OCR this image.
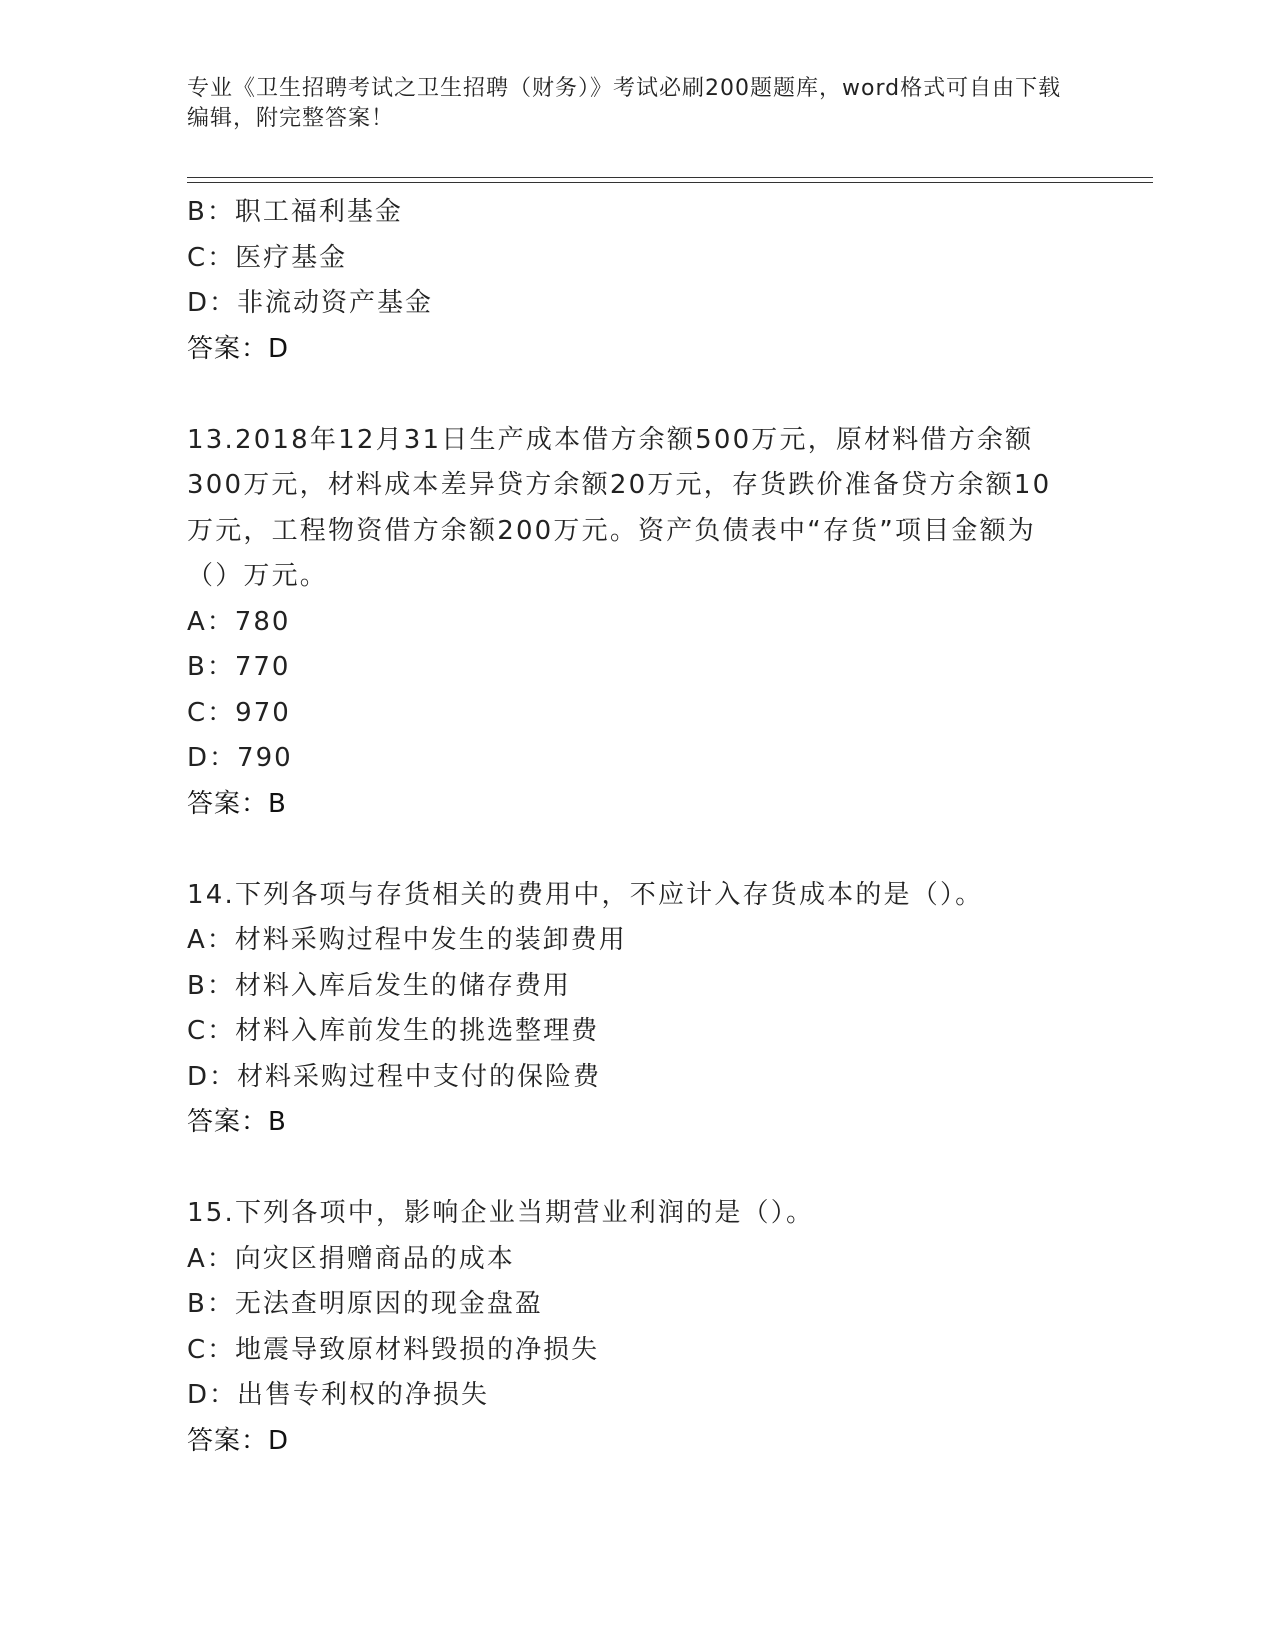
专业《卫生招聘考试之卫生招聘（财务）》考试必刷200题题库，word格式可自由下载编辑，附完整答案！
B：职工福利基金
C：医疗基金
D：非流动资产基金
答案：D
13.2018年12月31日生产成本借方余额500万元，原材料借方余额300万元，材料成本差异贷方余额20万元，存货跌价准备贷方余额10万元，工程物资借方余额200万元。资产负债表中“存货”项目金额为（）万元。
A：780
B：770
C：970
D：790
答案：B
14.下列各项与存货相关的费用中，不应计入存货成本的是（）。
A：材料采购过程中发生的装卸费用
B：材料入库后发生的储存费用
C：材料入库前发生的挑选整理费
D：材料采购过程中支付的保险费
答案：B
15.下列各项中，影响企业当期营业利润的是（）。
A：向灾区捐赠商品的成本
B：无法查明原因的现金盘盈
C：地震导致原材料毁损的净损失
D：出售专利权的净损失
答案：D
